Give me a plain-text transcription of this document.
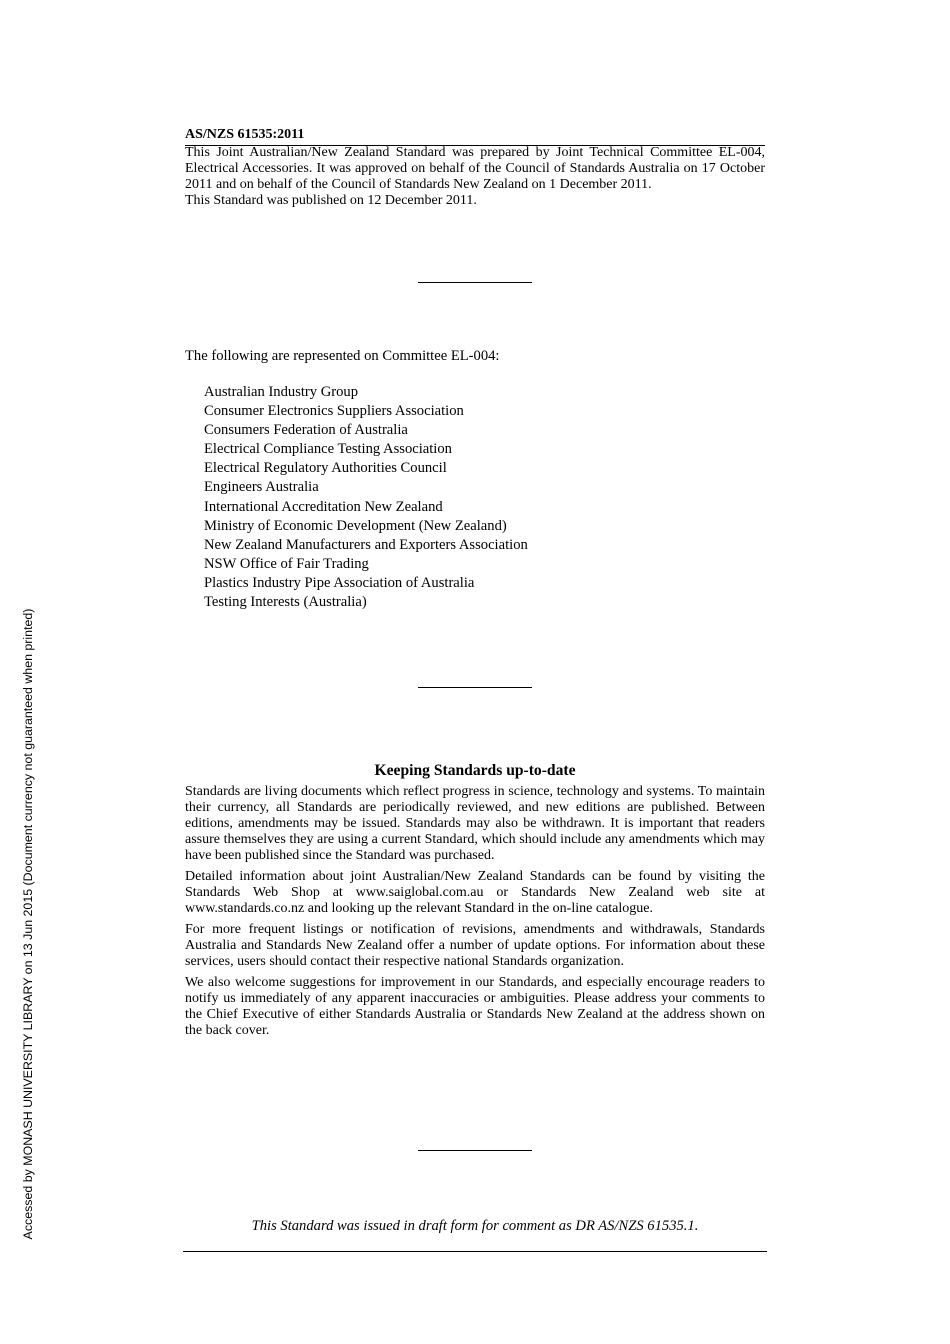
Accessed by MONASH UNIVERSITY LIBRARY on 13 Jun 2015 (Document currency not guaranteed when printed)
AS/NZS 61535:2011

This Joint Australian/New Zealand Standard was prepared by Joint Technical Committee EL-004, Electrical Accessories. It was approved on behalf of the Council of Standards Australia on 17 October 2011 and on behalf of the Council of Standards New Zealand on 1 December 2011.

This Standard was published on 12 December 2011.

The following are represented on Committee EL-004:
Australian Industry Group
Consumer Electronics Suppliers Association
Consumers Federation of Australia
Electrical Compliance Testing Association
Electrical Regulatory Authorities Council
Engineers Australia
International Accreditation New Zealand
Ministry of Economic Development (New Zealand)
New Zealand Manufacturers and Exporters Association
NSW Office of Fair Trading
Plastics Industry Pipe Association of Australia
Testing Interests (Australia)
Keeping Standards up-to-date

Standards are living documents which reflect progress in science, technology and systems. To maintain their currency, all Standards are periodically reviewed, and new editions are published. Between editions, amendments may be issued. Standards may also be withdrawn. It is important that readers assure themselves they are using a current Standard, which should include any amendments which may have been published since the Standard was purchased.

Detailed information about joint Australian/New Zealand Standards can be found by visiting the Standards Web Shop at www.saiglobal.com.au or Standards New Zealand web site at www.standards.co.nz and looking up the relevant Standard in the on-line catalogue.

For more frequent listings or notification of revisions, amendments and withdrawals, Standards Australia and Standards New Zealand offer a number of update options. For information about these services, users should contact their respective national Standards organization.

We also welcome suggestions for improvement in our Standards, and especially encourage readers to notify us immediately of any apparent inaccuracies or ambiguities. Please address your comments to the Chief Executive of either Standards Australia or Standards New Zealand at the address shown on the back cover.

This Standard was issued in draft form for comment as DR AS/NZS 61535.1.
